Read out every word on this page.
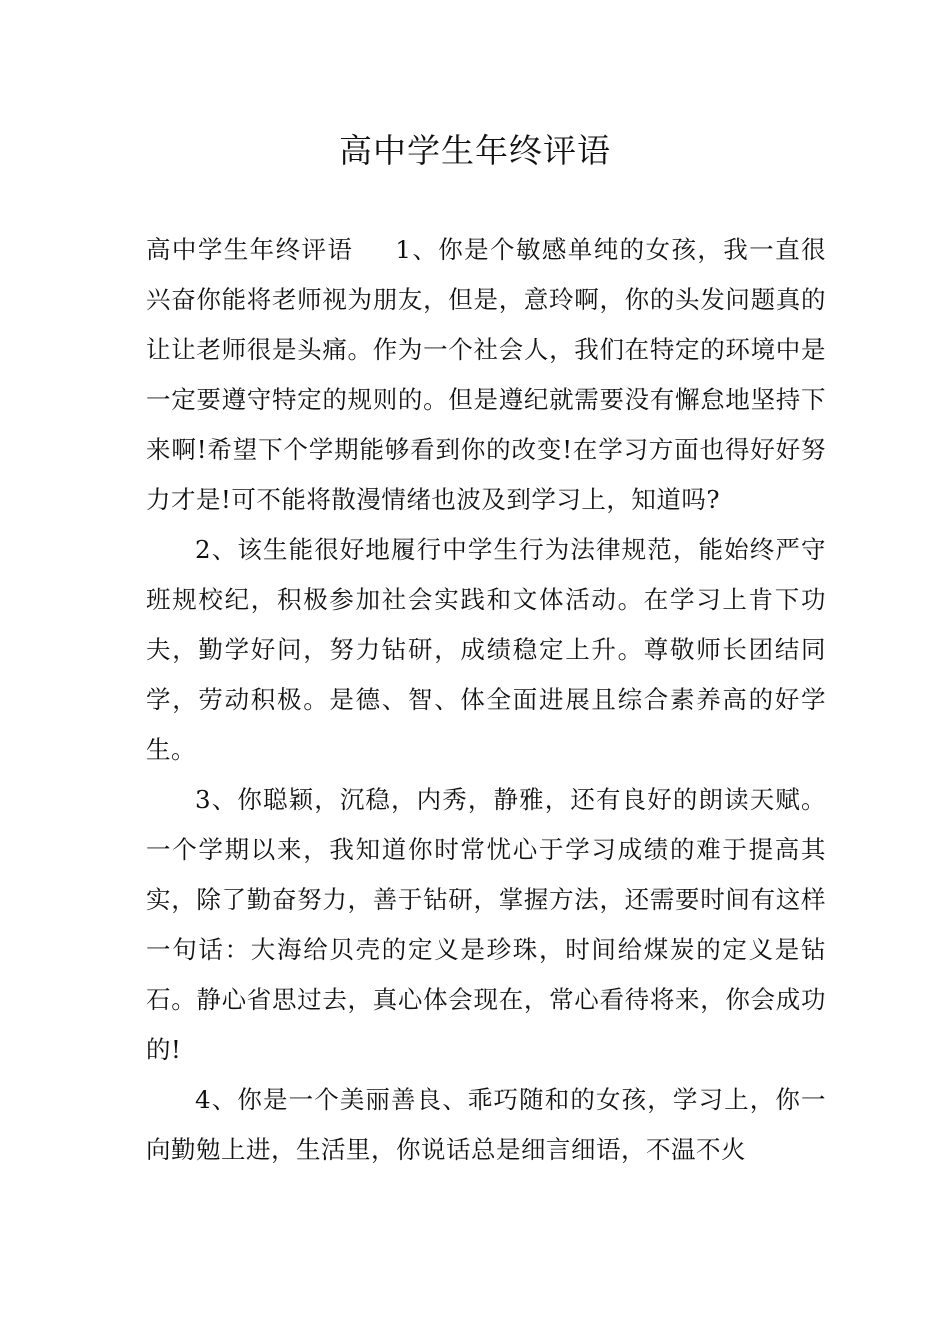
高中学生年终评语

高中学生年终评语 1、你是个敏感单纯的女孩，我一直很兴奋你能将老师视为朋友，但是，意玲啊，你的头发问题真的让让老师很是头痛。作为一个社会人，我们在特定的环境中是一定要遵守特定的规则的。但是遵纪就需要没有懈怠地坚持下来啊!希望下个学期能够看到你的改变!在学习方面也得好好努力才是!可不能将散漫情绪也波及到学习上，知道吗?

2、该生能很好地履行中学生行为法律规范，能始终严守班规校纪，积极参加社会实践和文体活动。在学习上肯下功夫，勤学好问，努力钻研，成绩稳定上升。尊敬师长团结同学，劳动积极。是德、智、体全面进展且综合素养高的好学生。

3、你聪颖，沉稳，内秀，静雅，还有良好的朗读天赋。一个学期以来，我知道你时常忧心于学习成绩的难于提高其实，除了勤奋努力，善于钻研，掌握方法，还需要时间有这样一句话：大海给贝壳的定义是珍珠，时间给煤炭的定义是钻石。静心省思过去，真心体会现在，常心看待将来，你会成功的!

4、你是一个美丽善良、乖巧随和的女孩，学习上，你一向勤勉上进，生活里，你说话总是细言细语，不温不火
